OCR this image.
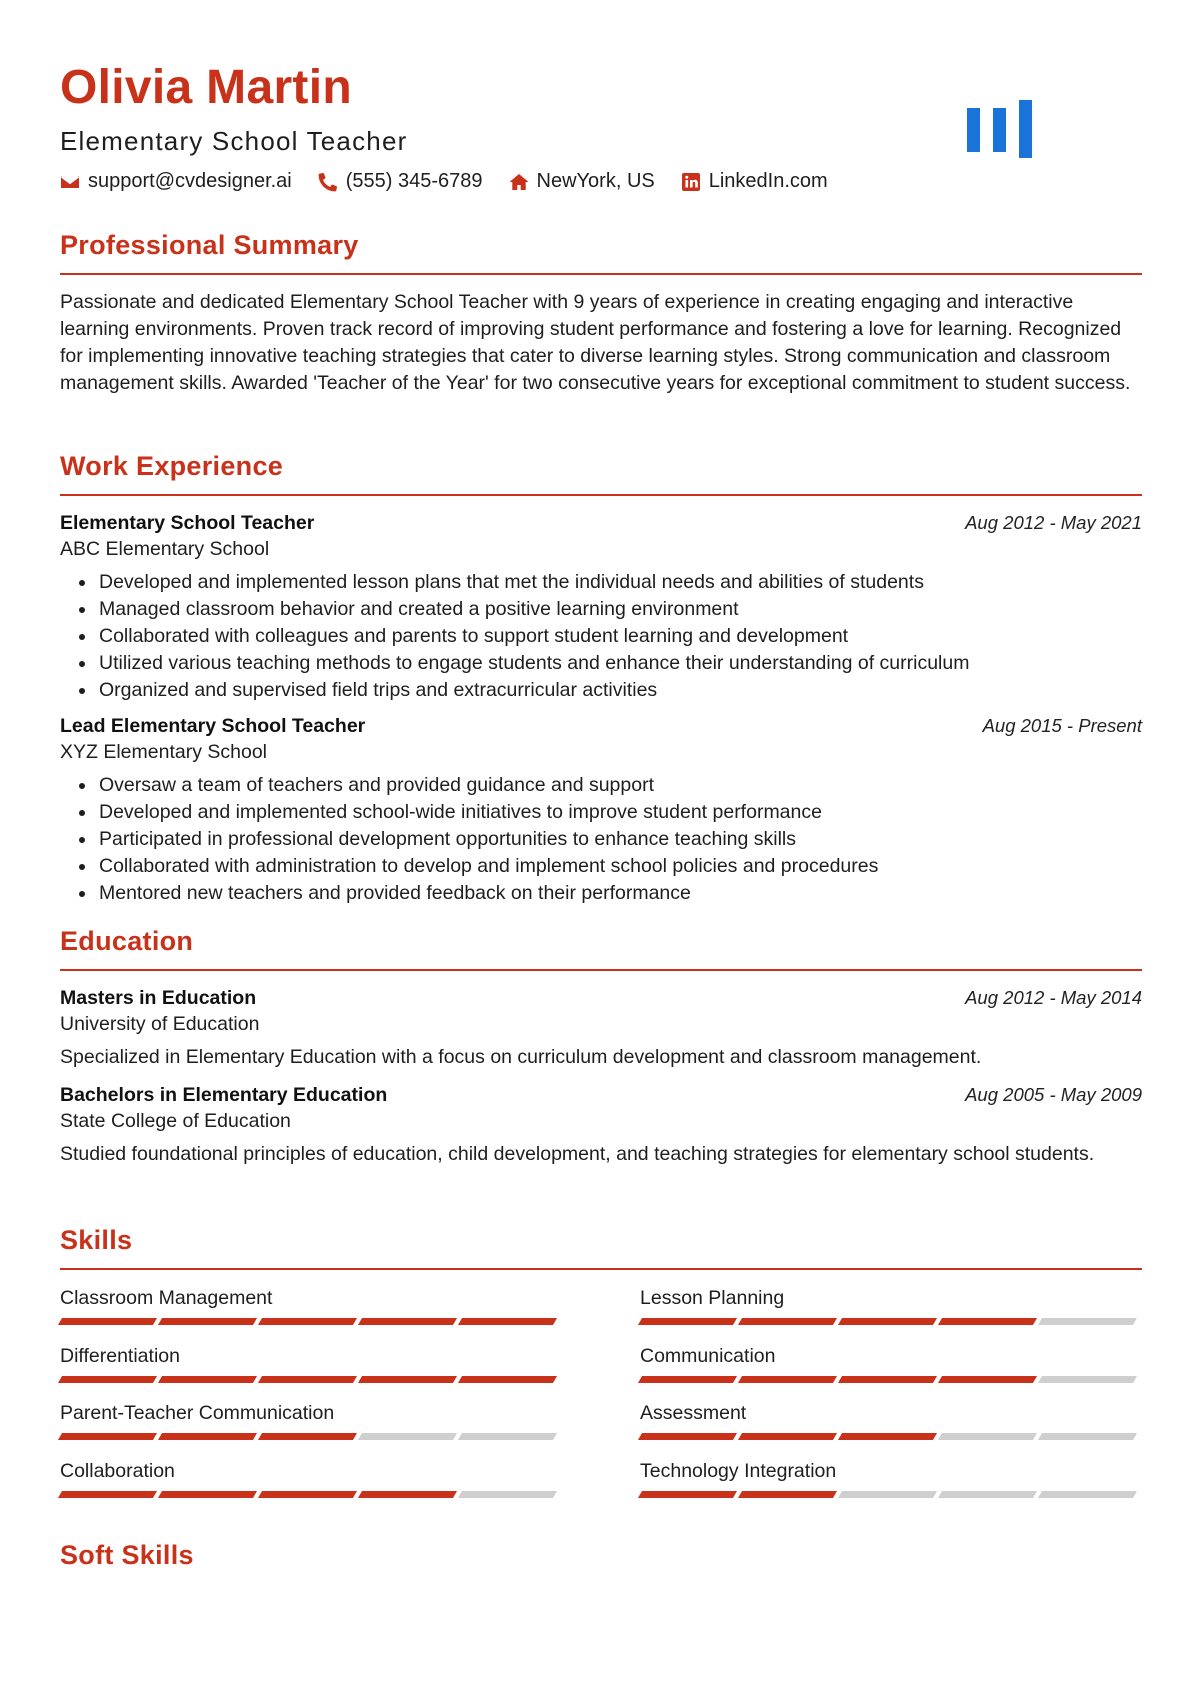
Olivia Martin
Elementary School Teacher
support@cvdesigner.ai	(555) 345-6789	NewYork, US	LinkedIn.com
Professional Summary

Passionate and dedicated Elementary School Teacher with 9 years of experience in creating engaging and interactive learning environments. Proven track record of improving student performance and fostering a love for learning. Recognized for implementing innovative teaching strategies that cater to diverse learning styles. Strong communication and classroom management skills. Awarded 'Teacher of the Year' for two consecutive years for exceptional commitment to student success.

Work Experience
Elementary School Teacher	Aug 2012 - May 2021
ABC Elementary School
• Developed and implemented lesson plans that met the individual needs and abilities of students
• Managed classroom behavior and created a positive learning environment
• Collaborated with colleagues and parents to support student learning and development
• Utilized various teaching methods to engage students and enhance their understanding of curriculum
• Organized and supervised field trips and extracurricular activities
Lead Elementary School Teacher	Aug 2015 - Present
XYZ Elementary School
• Oversaw a team of teachers and provided guidance and support
• Developed and implemented school-wide initiatives to improve student performance
• Participated in professional development opportunities to enhance teaching skills
• Collaborated with administration to develop and implement school policies and procedures
• Mentored new teachers and provided feedback on their performance
Education
Masters in Education	Aug 2012 - May 2014
University of Education

Specialized in Elementary Education with a focus on curriculum development and classroom management.

Bachelors in Elementary Education	Aug 2005 - May 2009
State College of Education

Studied foundational principles of education, child development, and teaching strategies for elementary school students.

Skills
Classroom Management	Lesson Planning
Differentiation	Communication
Parent-Teacher Communication	Assessment
Collaboration	Technology Integration
Soft Skills
